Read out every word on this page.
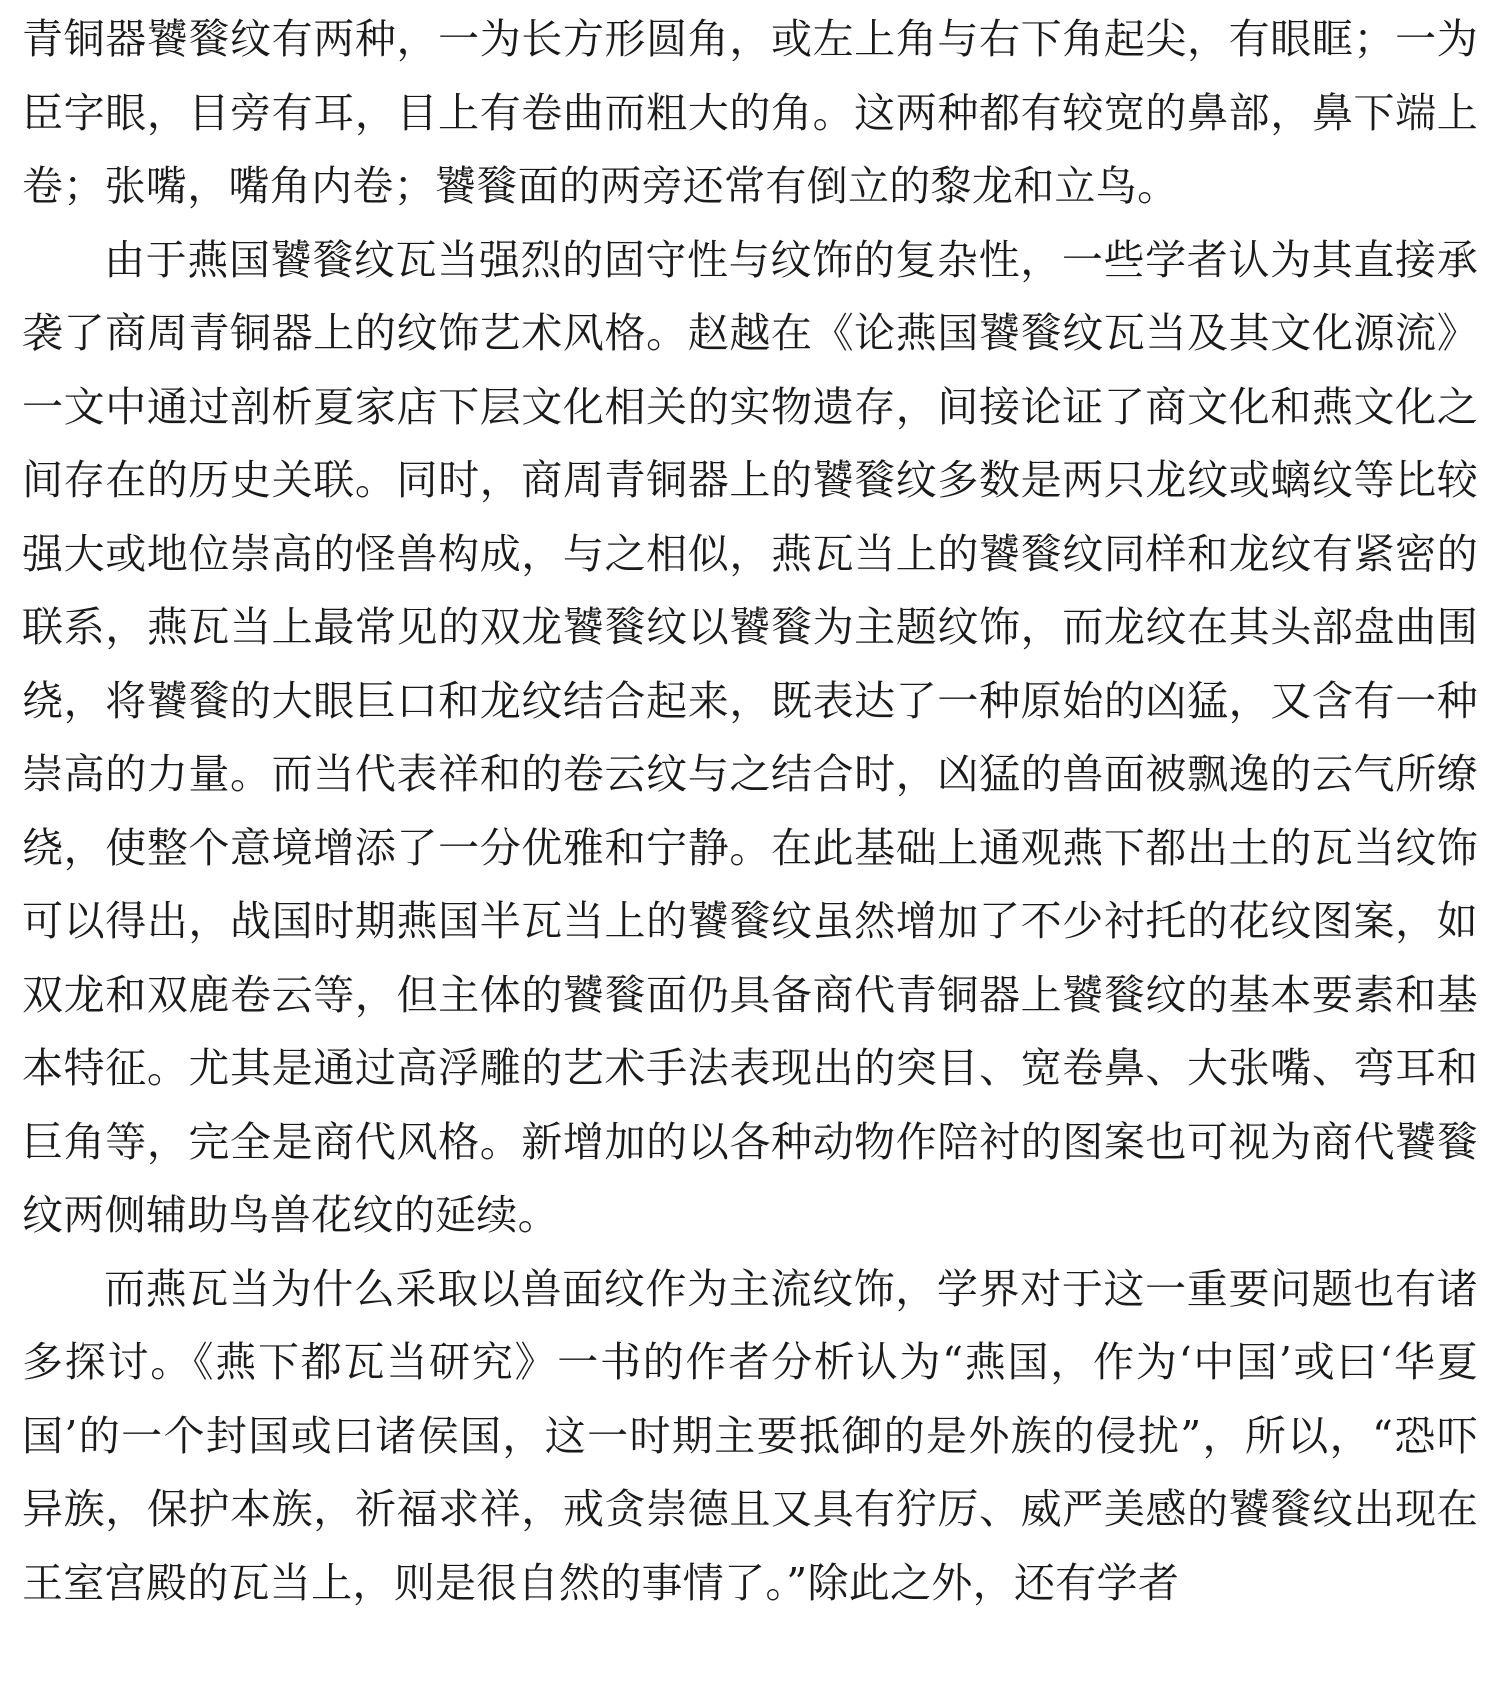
青铜器饕餮纹有两种，一为长方形圆角，或左上角与右下角起尖，有眼眶；一为臣字眼，目旁有耳，目上有卷曲而粗大的角。这两种都有较宽的鼻部，鼻下端上卷；张嘴，嘴角内卷；饕餮面的两旁还常有倒立的黎龙和立鸟。

由于燕国饕餮纹瓦当强烈的固守性与纹饰的复杂性，一些学者认为其直接承袭了商周青铜器上的纹饰艺术风格。赵越在《论燕国饕餮纹瓦当及其文化源流》一文中通过剖析夏家店下层文化相关的实物遗存，间接论证了商文化和燕文化之间存在的历史关联。同时，商周青铜器上的饕餮纹多数是两只龙纹或螭纹等比较强大或地位崇高的怪兽构成，与之相似，燕瓦当上的饕餮纹同样和龙纹有紧密的联系，燕瓦当上最常见的双龙饕餮纹以饕餮为主题纹饰，而龙纹在其头部盘曲围绕，将饕餮的大眼巨口和龙纹结合起来，既表达了一种原始的凶猛，又含有一种崇高的力量。而当代表祥和的卷云纹与之结合时，凶猛的兽面被飘逸的云气所缭绕，使整个意境增添了一分优雅和宁静。在此基础上通观燕下都出土的瓦当纹饰可以得出，战国时期燕国半瓦当上的饕餮纹虽然增加了不少衬托的花纹图案，如双龙和双鹿卷云等，但主体的饕餮面仍具备商代青铜器上饕餮纹的基本要素和基本特征。尤其是通过高浮雕的艺术手法表现出的突目、宽卷鼻、大张嘴、弯耳和巨角等，完全是商代风格。新增加的以各种动物作陪衬的图案也可视为商代饕餮纹两侧辅助鸟兽花纹的延续。

而燕瓦当为什么采取以兽面纹作为主流纹饰，学界对于这一重要问题也有诸多探讨。《燕下都瓦当研究》一书的作者分析认为“燕国，作为‘中国’或曰‘华夏国’的一个封国或曰诸侯国，这一时期主要抵御的是外族的侵扰”，所以，“恐吓异族，保护本族，祈福求祥，戒贪崇德且又具有狞厉、威严美感的饕餮纹出现在王室宫殿的瓦当上，则是很自然的事情了。”除此之外，还有学者
